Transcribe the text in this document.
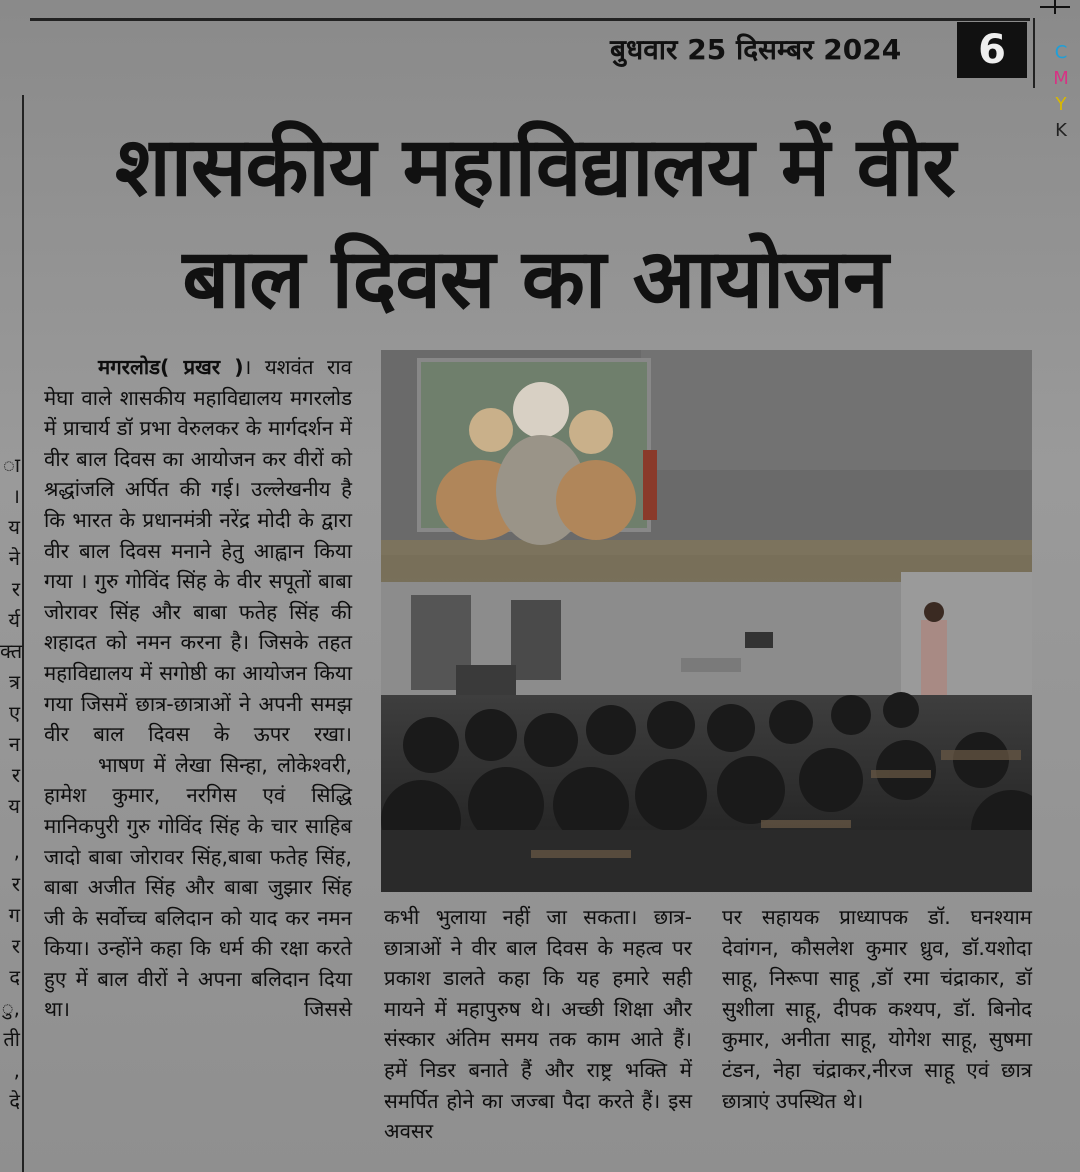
बुधवार 25 दिसम्बर 2024	6	C
M
Y
K
ा
।
य
ने
र
र्य
क्त
त्र
ए
न
र
य
,
र
ग
र
द
ु,
ती
,
दे
शासकीय महाविद्यालय में वीर
बाल दिवस का आयोजन

मगरलोड( प्रखर )। यशवंत राव मेघा वाले शासकीय महाविद्यालय मगरलोड में प्राचार्य डॉ प्रभा वेरुलकर के मार्गदर्शन में वीर बाल दिवस का आयोजन कर वीरों को श्रद्धांजलि अर्पित की गई। उल्लेखनीय है कि भारत के प्रधानमंत्री नरेंद्र मोदी के द्वारा वीर बाल दिवस मनाने हेतु आह्वान किया गया । गुरु गोविंद सिंह के वीर सपूतों बाबा जोरावर सिंह और बाबा फतेह सिंह की शहादत को नमन करना है। जिसके तहत महाविद्यालय में सगोष्ठी का आयोजन किया गया जिसमें छात्र-छात्राओं ने अपनी समझ वीर बाल दिवस के ऊपर रखा।

भाषण में लेखा सिन्हा, लोकेश्वरी, हामेश कुमार, नरगिस एवं सिद्धि मानिकपुरी गुरु गोविंद सिंह के चार साहिब जादो बाबा जोरावर सिंह,बाबा फतेह सिंह, बाबा अजीत सिंह और बाबा जुझार सिंह जी के सर्वोच्च बलिदान को याद कर नमन किया। उन्होंने कहा कि धर्म की रक्षा करते हुए में बाल वीरों ने अपना बलिदान दिया था। जिससे

कभी भुलाया नहीं जा सकता। छात्र-छात्राओं ने वीर बाल दिवस के महत्व पर प्रकाश डालते कहा कि यह हमारे सही मायने में महापुरुष थे। अच्छी शिक्षा और संस्कार अंतिम समय तक काम आते हैं। हमें निडर बनाते हैं और राष्ट्र भक्ति में समर्पित होने का जज्बा पैदा करते हैं। इस अवसर

पर सहायक प्राध्यापक डॉ. घनश्याम देवांगन, कौसलेश कुमार ध्रुव, डॉ.यशोदा साहू, निरूपा साहू ,डॉ रमा चंद्राकार, डॉ सुशीला साहू, दीपक कश्यप, डॉ. बिनोद कुमार, अनीता साहू, योगेश साहू, सुषमा टंडन, नेहा चंद्राकर,नीरज साहू एवं छात्र छात्राएं उपस्थित थे।
